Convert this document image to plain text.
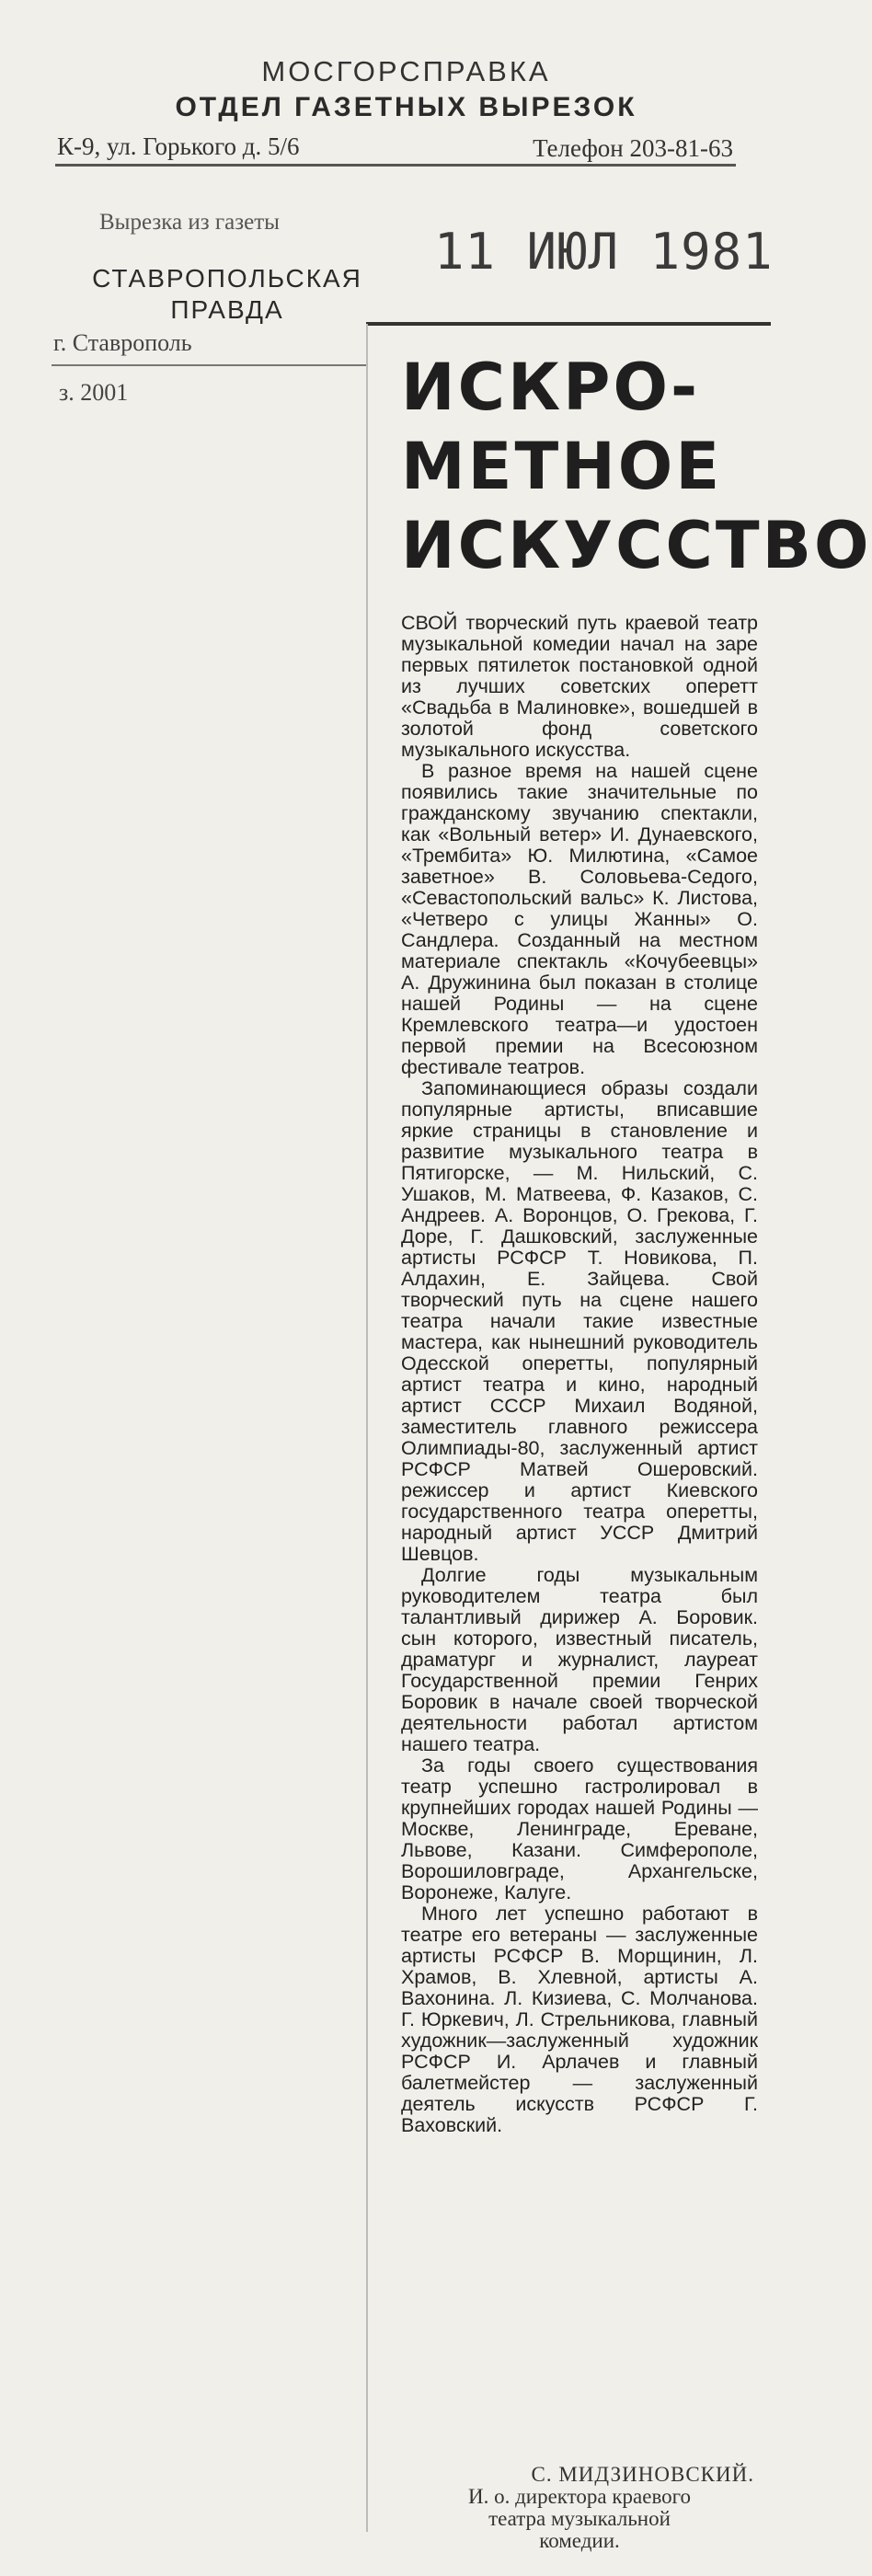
МОСГОРСПРАВКА
ОТДЕЛ ГАЗЕТНЫХ ВЫРЕЗОК
К-9, ул. Горького д. 5/6	Телефон 203-81-63
Вырезка из газеты
11 ИЮЛ 1981
СТАВРОПОЛЬСКАЯ
ПРАВДА
г. Ставрополь
з. 2001	ИСКРО-
МЕТНОЕ
ИСКУССТВО

СВОЙ творческий путь краевой театр музыкальной комедии начал на заре первых пятилеток постановкой одной из лучших советских оперетт «Свадьба в Малиновке», вошедшей в золотой фонд советского музыкального искусства.

В разное время на нашей сцене появились такие значительные по гражданскому звучанию спектакли, как «Вольный ветер» И. Дунаевского, «Трембита» Ю. Милютина, «Самое заветное» В. Соловьева-Седого, «Севастопольский вальс» К. Листова, «Четверо с улицы Жанны» О. Сандлера. Созданный на местном материале спектакль «Кочубеевцы» А. Дружинина был показан в столице нашей Родины — на сцене Кремлевского театра—и удостоен первой премии на Всесоюзном фестивале театров.

Запоминающиеся образы создали популярные артисты, вписавшие яркие страницы в становление и развитие музыкального театра в Пятигорске, — М. Нильский, С. Ушаков, М. Матвеева, Ф. Казаков, С. Андреев. А. Воронцов, О. Грекова, Г. Доре, Г. Дашковский, заслуженные артисты РСФСР Т. Новикова, П. Алдахин, Е. Зайцева. Свой творческий путь на сцене нашего театра начали такие известные мастера, как нынешний руководитель Одесской оперетты, популярный артист театра и кино, народный артист СССР Михаил Водяной, заместитель главного режиссера Олимпиады-80, заслуженный артист РСФСР Матвей Ошеровский. режиссер и артист Киевского государственного театра оперетты, народный артист УССР Дмитрий Шевцов.

Долгие годы музыкальным руководителем театра был талантливый дирижер А. Боровик. сын которого, известный писатель, драматург и журналист, лауреат Государственной премии Генрих Боровик в начале своей творческой деятельности работал артистом нашего театра.

За годы своего существования театр успешно гастролировал в крупнейших городах нашей Родины — Москве, Ленинграде, Ереване, Львове, Казани. Симферополе, Ворошиловграде, Архангельске, Воронеже, Калуге.

Много лет успешно работают в театре его ветераны — заслуженные артисты РСФСР В. Морщинин, Л. Храмов, В. Хлевной, артисты А. Вахонина. Л. Кизиева, С. Молчанова. Г. Юркевич, Л. Стрельникова, главный художник—заслуженный художник РСФСР И. Арлачев и главный балетмейстер — заслуженный деятель искусств РСФСР Г. Ваховский.

С. МИДЗИНОВСКИЙ.
И. о. директора краевого
театра музыкальной
комедии.
